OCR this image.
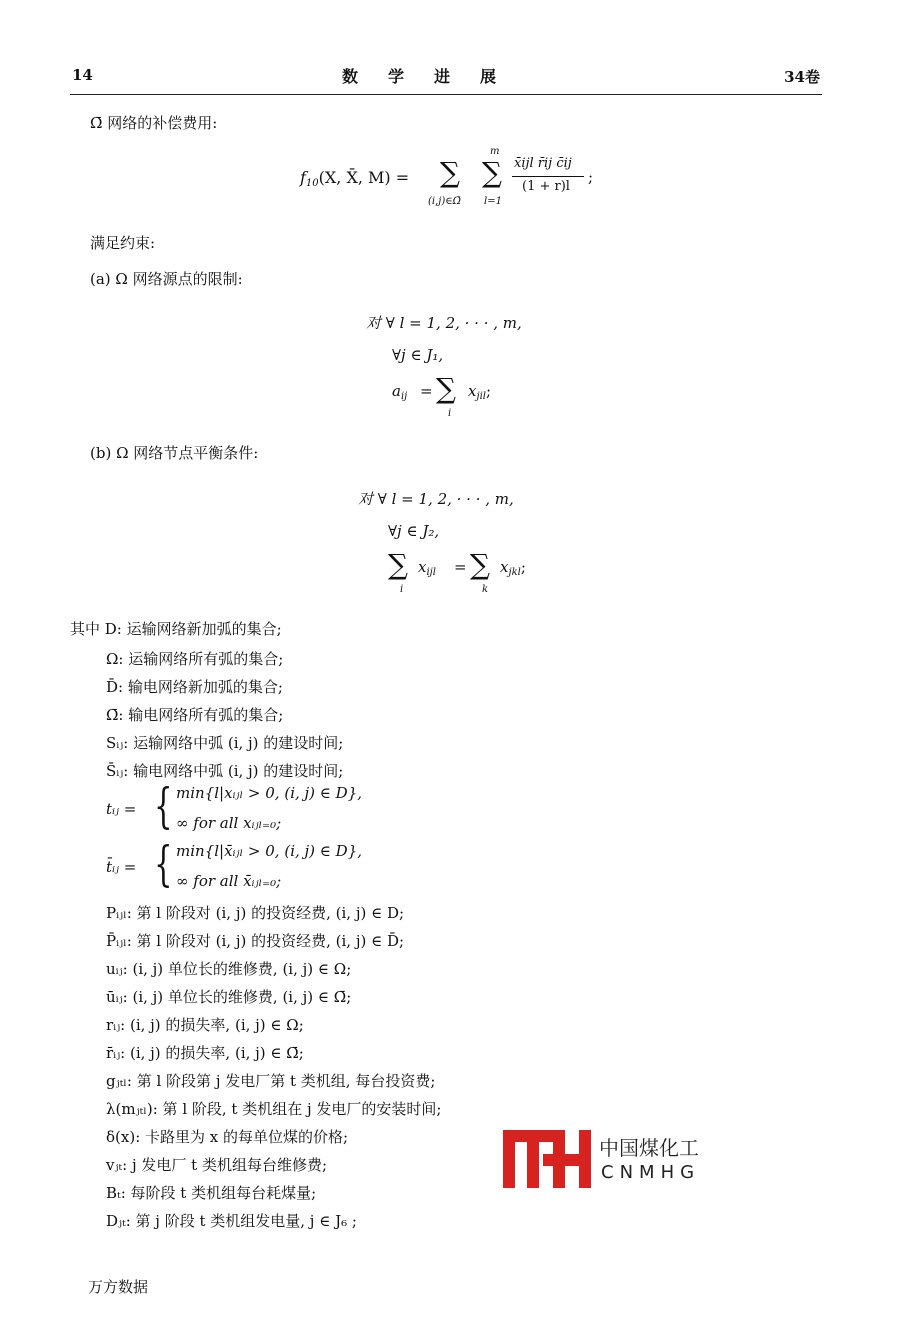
14	数学进展	34卷
Ω̄ 网络的补偿费用:
$f_{10}(X$, X̄, M) = ∑
(i,j)∈Ω̄
∑
m
l=1
x̄ijl r̄ij c̄ij
(1 + r)l
;
满足约束:
(a) Ω 网络源点的限制:
对 ∀ l = 1, 2, · · · , m,
∀j ∈ J₁,
$a_{ij}$ = ∑
i
$x_{jil}$;
(b) Ω 网络节点平衡条件:
对 ∀ l = 1, 2, · · · , m,
∀j ∈ J₂,
∑
i
$x_{ijl}$ = ∑
k
$x_{jkl}$;
其中 D: 运输网络新加弧的集合;
Ω: 运输网络所有弧的集合;
D̄: 输电网络新加弧的集合;
Ω̄: 输电网络所有弧的集合;
Sᵢⱼ: 运输网络中弧 (i, j) 的建设时间;
S̄ᵢⱼ: 输电网络中弧 (i, j) 的建设时间;
tᵢⱼ = { min{l|xᵢⱼₗ > 0, (i, j) ∈ D},
∞ for all xᵢⱼₗ₌₀;
t̄ᵢⱼ = { min{l|x̄ᵢⱼₗ > 0, (i, j) ∈ D},
∞ for all x̄ᵢⱼₗ₌₀;
Pᵢⱼₗ: 第 l 阶段对 (i, j) 的投资经费, (i, j) ∈ D;
P̄ᵢⱼₗ: 第 l 阶段对 (i, j) 的投资经费, (i, j) ∈ D̄;
uᵢⱼ: (i, j) 单位长的维修费, (i, j) ∈ Ω;
ūᵢⱼ: (i, j) 单位长的维修费, (i, j) ∈ Ω̄;
rᵢⱼ: (i, j) 的损失率, (i, j) ∈ Ω;
r̄ᵢⱼ: (i, j) 的损失率, (i, j) ∈ Ω̄;
gⱼₜₗ: 第 l 阶段第 j 发电厂第 t 类机组, 每台投资费;
λ(mⱼₜₗ): 第 l 阶段, t 类机组在 j 发电厂的安装时间;
δ(x): 卡路里为 x 的每单位煤的价格;
vⱼₜ: j 发电厂 t 类机组每台维修费;
Bₜ: 每阶段 t 类机组每台耗煤量;
Dⱼₜ: 第 j 阶段 t 类机组发电量, j ∈ J₆ ;
中国煤化工
CNMHG
万方数据
